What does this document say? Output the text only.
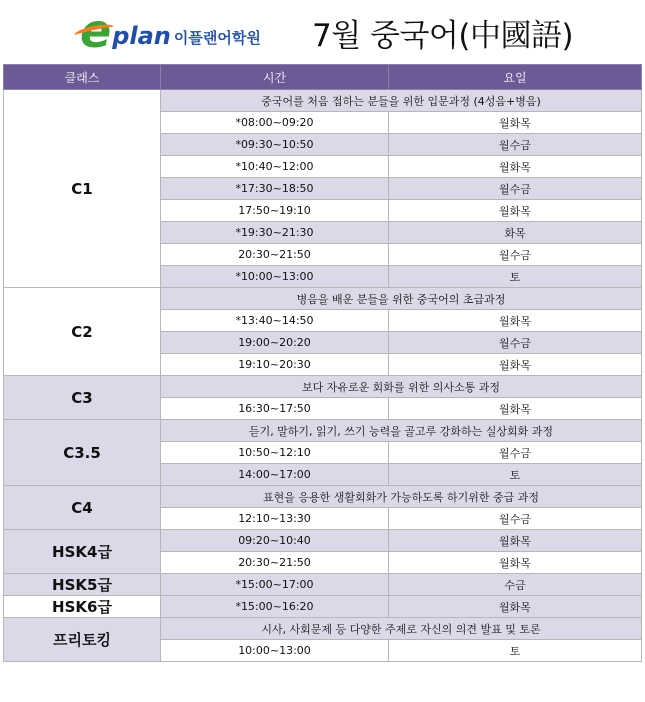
e plan 이플랜어학원 7월 중국어(中國語)
클래스	시간	요일
C1	중국어를 처음 접하는 분들을 위한 입문과정 (4성음+병음)	
	*08:00~09:20	월화목
	*09:30~10:50	월수금
	*10:40~12:00	월화목
	*17:30~18:50	월수금
	17:50~19:10	월화목
	*19:30~21:30	화목
	20:30~21:50	월수금
	*10:00~13:00	토
C2	병음을 배운 분들을 위한 중국어의 초급과정	
	*13:40~14:50	월화목
	19:00~20:20	월수금
	19:10~20:30	월화목
C3	보다 자유로운 회화를 위한 의사소통 과정	
	16:30~17:50	월화목
C3.5	듣기, 말하기, 읽기, 쓰기 능력을 골고루 강화하는 실상회화 과정	
	10:50~12:10	월수금
	14:00~17:00	토
C4	표현을 응용한 생활회화가 가능하도록 하기위한 중급 과정	
	12:10~13:30	월수금
HSK4급	09:20~10:40	월화목
	20:30~21:50	월화목
HSK5급	*15:00~17:00	수금
HSK6급	*15:00~16:20	월화목
프리토킹	시사, 사회문제 등 다양한 주제로 자신의 의견 발표 및 토론	
	10:00~13:00	토
